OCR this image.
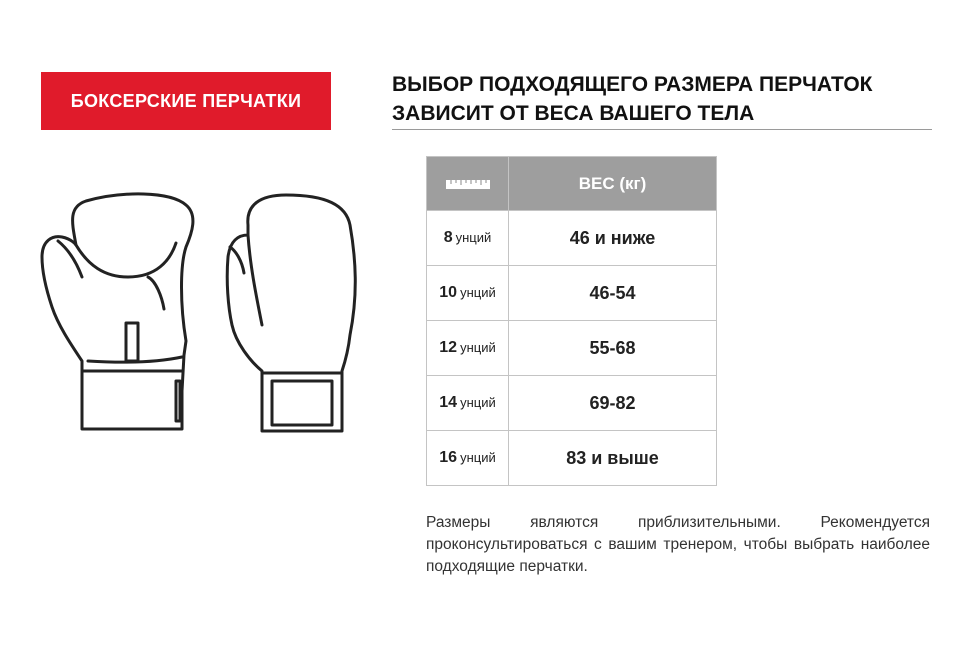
БОКСЕРСКИЕ ПЕРЧАТКИ
ВЫБОР ПОДХОДЯЩЕГО РАЗМЕРА ПЕРЧАТОК
ЗАВИСИТ ОТ ВЕСА ВАШЕГО ТЕЛА
	ВЕС (кг)
8 унций	46 и ниже
10 унций	46-54
12 унций	55-68
14 унций	69-82
16 унций	83 и выше
Размеры являются приблизительными. Рекомендуется проконсультироваться с вашим тренером, чтобы выбрать наиболее подходящие перчатки.
